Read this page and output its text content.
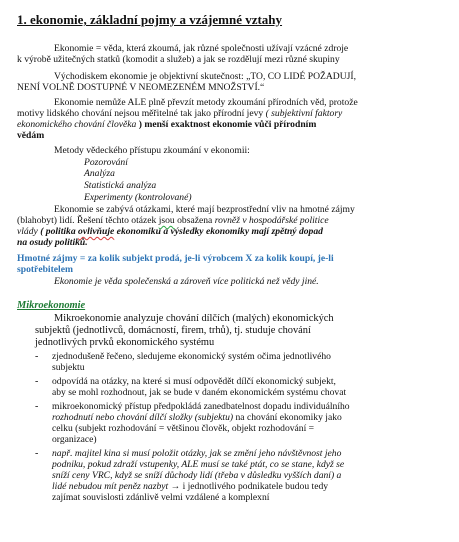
1. ekonomie, základní pojmy a vzájemné vztahy
Ekonomie = věda, která zkoumá, jak různé společnosti užívají vzácné zdroje
k výrobě užitečných statků (komodit a služeb) a jak se rozdělují mezi různé skupiny
Východiskem ekonomie je objektivní skutečnost: „TO, CO LIDÉ POŽADUJÍ,
NENÍ VOLNĚ DOSTUPNÉ V NEOMEZENÉM MNOŽSTVÍ.“
Ekonomie nemůže ALE plně převzít metody zkoumání přírodních věd, protože
motivy lidského chování nejsou měřitelné tak jako přírodní jevy ( subjektivní faktory
ekonomického chování člověka ) menší exaktnost ekonomie vůči přírodním
vědám
Metody vědeckého přístupu zkoumání v ekonomii:
Pozorování
Analýza
Statistická analýza
Experimenty (kontrolované)
Ekonomie se zabývá otázkami, které mají bezprostřední vliv na hmotné zájmy
(blahobyt) lidí. Řešení těchto otázek jsou obsažena rovněž v hospodářské politice
vlády ( politika ovlivňuje ekonomiku a výsledky ekonomiky mají zpětný dopad
na osudy politiků.
Hmotné zájmy = za kolik subjekt prodá, je-li výrobcem X za kolik koupí, je-li
spotřebitelem
Ekonomie je věda společenská a zároveň více politická než vědy jiné.
Mikroekonomie
Mikroekonomie analyzuje chování dílčích (malých) ekonomických
subjektů (jednotlivců, domácností, firem, trhů), tj. studuje chování
jednotlivých prvků ekonomického systému
- zjednodušeně řečeno, sledujeme ekonomický systém očima jednotlivého
subjektu
- odpovídá na otázky, na které si musí odpovědět dílčí ekonomický subjekt,
aby se mohl rozhodnout, jak se bude v daném ekonomickém systému chovat
- mikroekonomický přístup předpokládá zanedbatelnost dopadu individuálního
rozhodnutí nebo chování dílčí složky (subjektu) na chování ekonomiky jako
celku (subjekt rozhodování = většinou člověk, objekt rozhodování =
organizace)
- např. majitel kina si musí položit otázky, jak se změní jeho návštěvnost jeho
podniku, pokud zdraží vstupenky, ALE musí se také ptát, co se stane, když se
sníží ceny VRC, když se sníží důchody lidí (třeba v důsledku vyšších daní) a
lidé nebudou mít peněz nazbyt → i jednotlivého podnikatele budou tedy
zajímat souvislosti zdánlivě velmi vzdálené a komplexní
